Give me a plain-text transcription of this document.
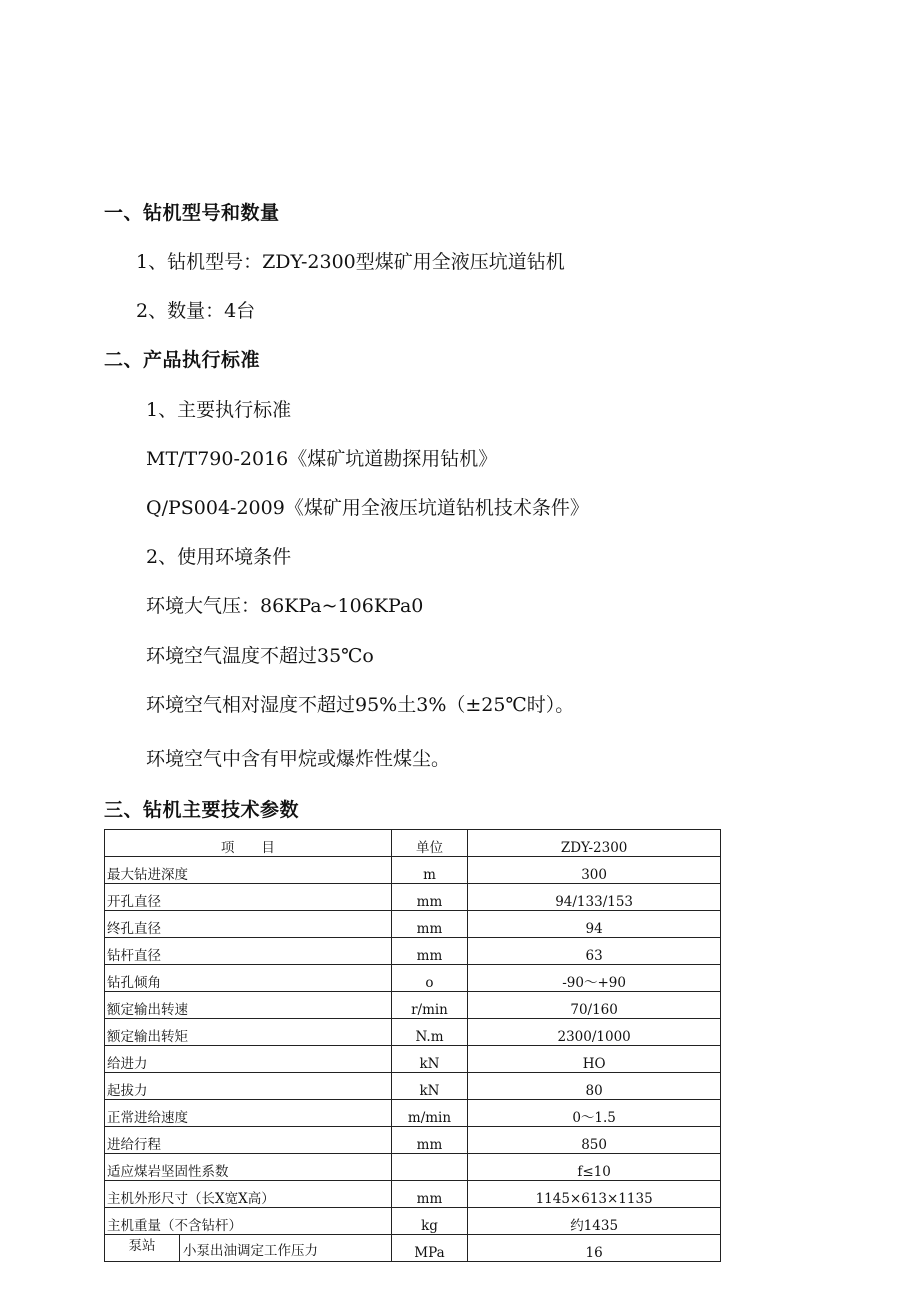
一、钻机型号和数量
1、钻机型号：ZDY-2300型煤矿用全液压坑道钻机
2、数量：4台
二、产品执行标准
1、主要执行标准
MT/T790-2016《煤矿坑道勘探用钻机》
Q/PS004-2009《煤矿用全液压坑道钻机技术条件》
2、使用环境条件
环境大气压：86KPa~106KPa0
环境空气温度不超过35℃o
环境空气相对湿度不超过95%土3%（±25℃时）。
环境空气中含有甲烷或爆炸性煤尘。
三、钻机主要技术参数
项　　目	单位	ZDY-2300
最大钻进深度	m	300
开孔直径	mm	94/133/153
终孔直径	mm	94
钻杆直径	mm	63
钻孔倾角	o	-90～+90
额定输出转速	r/min	70/160
额定输出转矩	N.m	2300/1000
给进力	kN	HO
起拔力	kN	80
正常进给速度	m/min	0～1.5
进给行程	mm	850
适应煤岩坚固性系数		f≤10
主机外形尺寸（长X宽X高）	mm	1145×613×1135
主机重量（不含钻杆）	kg	约1435

泵站 小泵出油调定工作压力	MPa	16
